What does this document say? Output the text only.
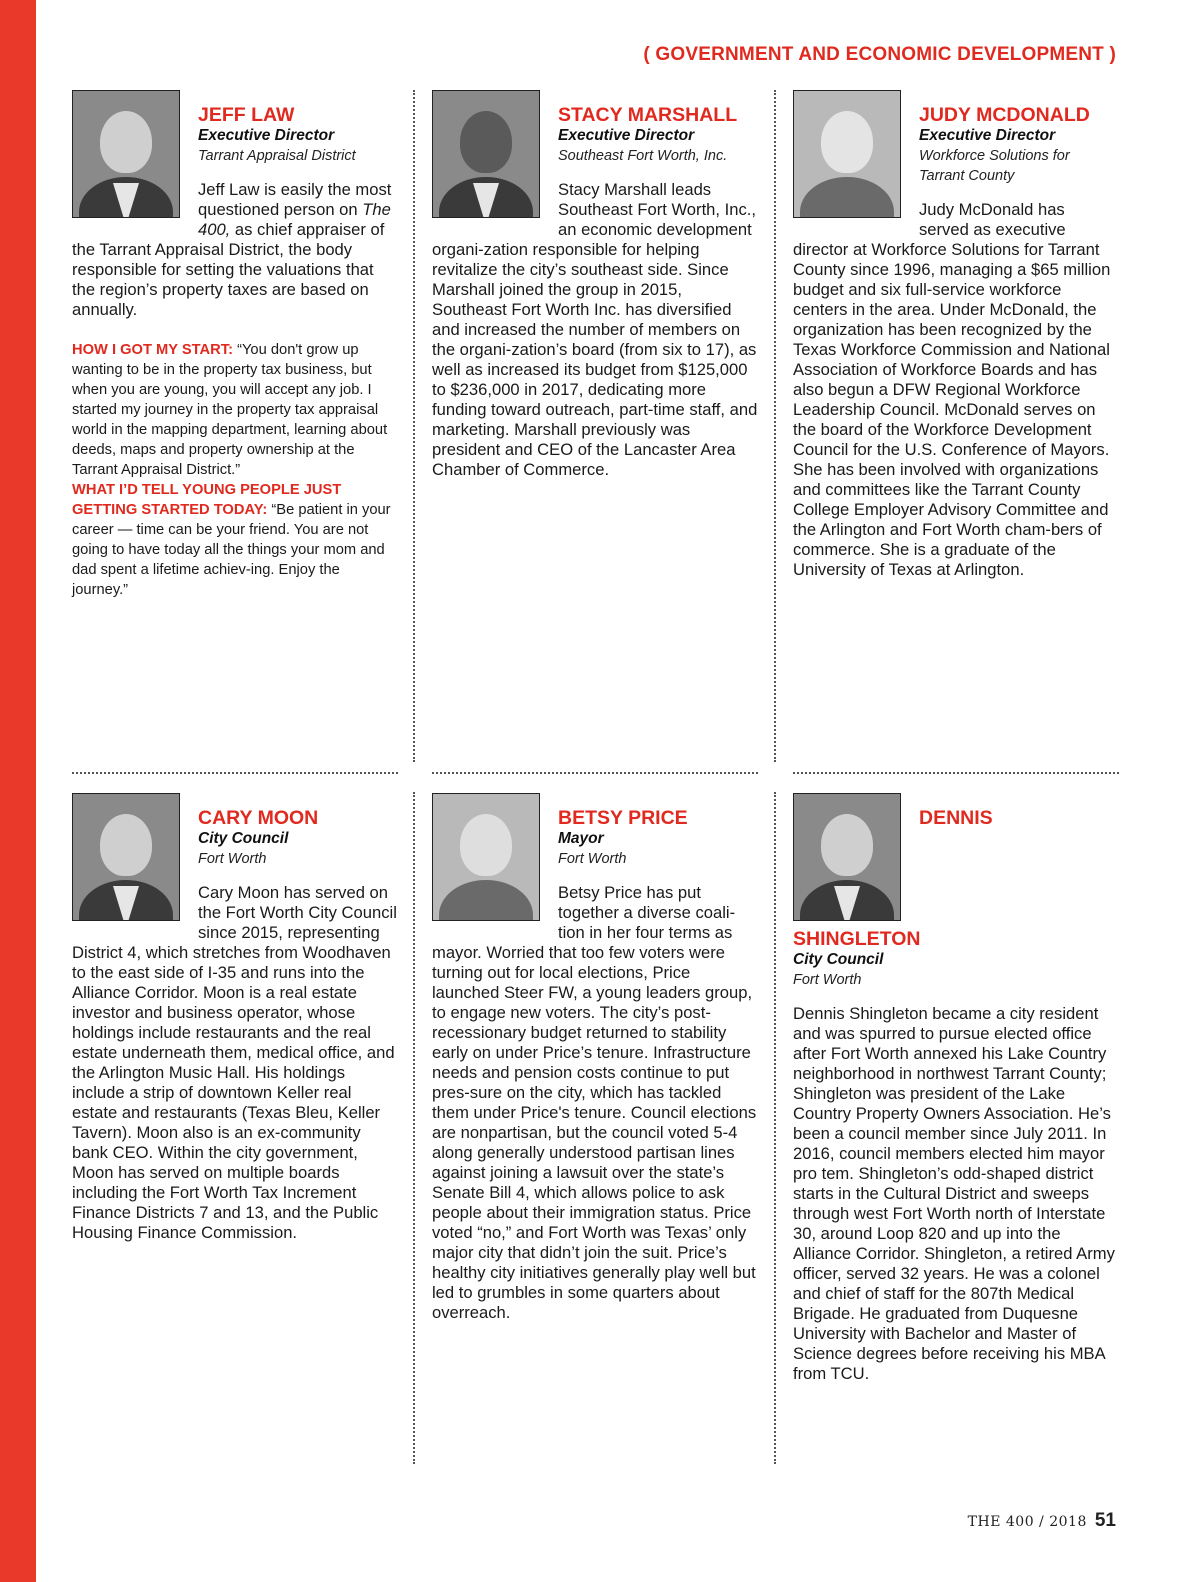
( GOVERNMENT AND ECONOMIC DEVELOPMENT )
JEFF LAW
Executive Director
Tarrant Appraisal District
Jeff Law is easily the most questioned person on The 400, as chief appraiser of the Tarrant Appraisal District, the body responsible for setting the valuations that the region’s property taxes are based on annually.
HOW I GOT MY START: “You don't grow up wanting to be in the property tax business, but when you are young, you will accept any job. I started my journey in the property tax appraisal world in the mapping department, learning about deeds, maps and property ownership at the Tarrant Appraisal District.”
WHAT I’D TELL YOUNG PEOPLE JUST GETTING STARTED TODAY: “Be patient in your career — time can be your friend. You are not going to have today all the things your mom and dad spent a lifetime achiev-ing. Enjoy the journey.”
STACY MARSHALL
Executive Director
Southeast Fort Worth, Inc.
Stacy Marshall leads Southeast Fort Worth, Inc., an economic development organi-zation responsible for helping revitalize the city’s southeast side. Since Marshall joined the group in 2015, Southeast Fort Worth Inc. has diversified and increased the number of members on the organi-zation’s board (from six to 17), as well as increased its budget from $125,000 to $236,000 in 2017, dedicating more funding toward outreach, part-time staff, and marketing. Marshall previously was president and CEO of the Lancaster Area Chamber of Commerce.
JUDY MCDONALD
Executive Director
Workforce Solutions for Tarrant County
Judy McDonald has served as executive director at Workforce Solutions for Tarrant County since 1996, managing a $65 million budget and six full-service workforce centers in the area. Under McDonald, the organization has been recognized by the Texas Workforce Commission and National Association of Workforce Boards and has also begun a DFW Regional Workforce Leadership Council. McDonald serves on the board of the Workforce Development Council for the U.S. Conference of Mayors. She has been involved with organizations and committees like the Tarrant County College Employer Advisory Committee and the Arlington and Fort Worth cham-bers of commerce. She is a graduate of the University of Texas at Arlington.
CARY MOON
City Council
Fort Worth
Cary Moon has served on the Fort Worth City Council since 2015, representing District 4, which stretches from Woodhaven to the east side of I-35 and runs into the Alliance Corridor. Moon is a real estate investor and business operator, whose holdings include restaurants and the real estate underneath them, medical office, and the Arlington Music Hall. His holdings include a strip of downtown Keller real estate and restaurants (Texas Bleu, Keller Tavern). Moon also is an ex-community bank CEO. Within the city government, Moon has served on multiple boards including the Fort Worth Tax Increment Finance Districts 7 and 13, and the Public Housing Finance Commission.
BETSY PRICE
Mayor
Fort Worth
Betsy Price has put together a diverse coali-tion in her four terms as mayor. Worried that too few voters were turning out for local elections, Price launched Steer FW, a young leaders group, to engage new voters. The city’s post-recessionary budget returned to stability early on under Price’s tenure. Infrastructure needs and pension costs continue to put pres-sure on the city, which has tackled them under Price's tenure. Council elections are nonpartisan, but the council voted 5-4 along generally understood partisan lines against joining a lawsuit over the state’s Senate Bill 4, which allows police to ask people about their immigration status. Price voted “no,” and Fort Worth was Texas’ only major city that didn’t join the suit. Price’s healthy city initiatives generally play well but led to grumbles in some quarters about overreach.
DENNIS SHINGLETON
City Council
Fort Worth
Dennis Shingleton became a city resident and was spurred to pursue elected office after Fort Worth annexed his Lake Country neighborhood in northwest Tarrant County; Shingleton was president of the Lake Country Property Owners Association. He’s been a council member since July 2011. In 2016, council members elected him mayor pro tem. Shingleton’s odd-shaped district starts in the Cultural District and sweeps through west Fort Worth north of Interstate 30, around Loop 820 and up into the Alliance Corridor. Shingleton, a retired Army officer, served 32 years. He was a colonel and chief of staff for the 807th Medical Brigade. He graduated from Duquesne University with Bachelor and Master of Science degrees before receiving his MBA from TCU.
THE 400 / 2018 51
